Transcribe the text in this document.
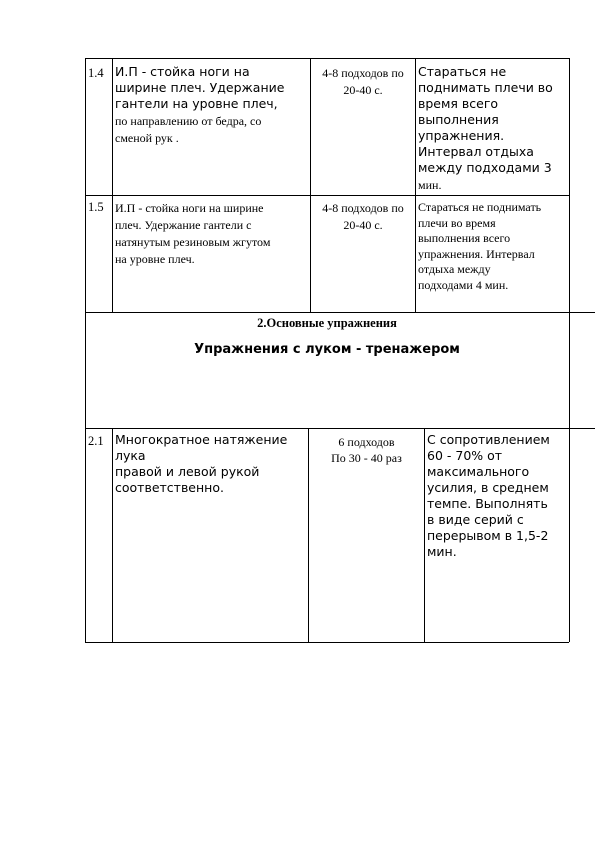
1.4 И.П - стойка ноги на
ширине плеч. Удержание
гантели на уровне плеч,
по направлению от бедра, со
сменой рук .
4-8 подходов по
20-40 с.
Стараться не
поднимать плечи во
время всего
выполнения
упражнения.
Интервал отдыха
между подходами 3
мин.
1.5 И.П - стойка ноги на ширине
плеч. Удержание гантели с
натянутым резиновым жгутом
на уровне плеч.
4-8 подходов по
20-40 с.
Стараться не поднимать
плечи во время
выполнения всего
упражнения. Интервал
отдыха между
подходами 4 мин.
2.Основные упражнения
Упражнения с луком - тренажером
2.1 Многократное натяжение
лука
правой и левой рукой
соответственно.
6 подходов
По 30 - 40 раз
С сопротивлением
60 - 70% от
максимального
усилия, в среднем
темпе. Выполнять
в виде серий с
перерывом в 1,5-2
мин.
